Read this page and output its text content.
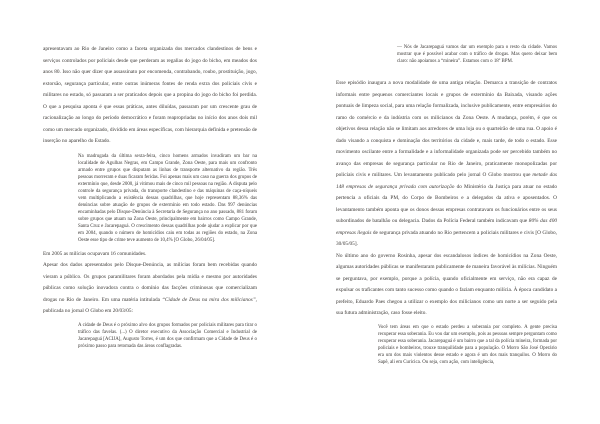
apresentavam ao Rio de Janeiro como a faceta organizada dos mercados clandestinos de bens e serviços controlados por policiais desde que perderam as regalias do jogo do bicho, em meados dos anos 80. Isso não quer dizer que assassinato por encomenda, contrabando, roubo, prostituição, jogo, extorsão, segurança particular, entre outras inúmeras fontes de renda extra dos policiais civis e militares no estado, só passaram a ser praticados depois que a propina do jogo do bicho foi perdida. O que a pesquisa aponta é que essas práticas, antes diluídas, passaram por um crescente grau de racionalização ao longo do período democrático e foram reapropriadas no início dos anos dois mil como um mercado organizado, dividido em áreas específicas, com hierarquia definida e pretensão de inserção no aparelho do Estado.
Na madrugada da última sexta-feira, cinco homens armados invadiram um bar na localidade de Agulhas Negras, em Campo Grande, Zona Oeste, para mais um confronto armado entre grupos que disputam as linhas de transporte alternativo da região. Três pessoas morreram e duas ficaram feridas. Foi apenas mais um caso na guerra dos grupos de extermínio que, desde 2000, já vitimou mais de cinco mil pessoas na região. A disputa pelo controle da segurança privada, do transporte clandestino e das máquinas de caça-níqueis vem multiplicando a existência dessas quadrilhas, que hoje representam 88,36% das denúncias sobre atuação de grupos de extermínio em todo estado. Das 997 denúncias encaminhadas pelo Disque-Denúncia à Secretaria de Segurança no ano passado, 881 foram sobre grupos que atuam na Zona Oeste, principalmente em bairros como Campo Grande, Santa Cruz e Jacarepaguá. O crescimento dessas quadrilhas pode ajudar a explicar por que em 2004, quando o número de homicídios caiu em todas as regiões do estado, na Zona Oeste esse tipo de crime teve aumento de 10,4% [O Globo, 26/04/05].
Em 2005 as milícias ocupavam 16 comunidades.
Apesar dos dados apresentados pelo Disque-Denúncia, as milícias foram bem recebidas quando vieram a público. Os grupos paramilitares foram abordados pela mídia e mesmo por autoridades públicas como solução inovadora contra o domínio das facções criminosas que comercializam drogas no Rio de Janeiro. Em uma matéria intitulada “Cidade de Deus na mira dos milicianos”, publicada no jornal O Globo em 20/03/05:
A cidade de Deus é o próximo alvo dos grupos formados por policiais militares para tirar o tráfico das favelas. (...) O diretor executivo da Associação Comercial e Industrial de Jacarepaguá [ACIJA], Augusto Torres, é um dos que confirmam que a Cidade de Deus é o próximo passo para retomada das áreas conflagradas.
— Nós de Jacarepaguá vamos dar um exemplo para o resto da cidade. Vamos mostrar que é possível acabar com o tráfico de drogas. Mas quero deixar bem claro: não apoiamos a “mineira”. Estamos com o 18º BPM.
Esse episódio inaugura a nova modalidade de uma antiga relação. Demarca a transição de contratos informais entre pequenos comerciantes locais e grupos de extermínio da Baixada, visando ações pontuais de limpeza social, para uma relação formalizada, inclusive publicamente, entre empresários do ramo do comércio e da indústria com os milicianos da Zona Oeste. A mudança, porém, é que os objetivos dessa relação não se limitam aos arredores de uma loja ou o quarteirão de uma rua. O apoio é dado visando a conquista e dominação dos territórios da cidade e, mais tarde, de todo o estado. Esse movimento oscilante entre a formalidade e a informalidade organizada pode ser percebido também no avanço das empresas de segurança particular no Rio de Janeiro, praticamente monopolizadas por policiais civis e militares. Um levantamento publicado pelo jornal O Globo mostrou que metade das 148 empresas de segurança privada com autorização do Ministério da Justiça para atuar no estado pertencia a oficiais da PM, do Corpo de Bombeiros e a delegados da ativa e aposentados. O levantamento também aponta que os donos dessas empresas contratavam os funcionários entre os seus subordinados de batalhão ou delegacia. Dados da Polícia Federal também indicavam que 80% das 400 empresas ilegais de segurança privada atuando no Rio pertencem a policiais militares e civis [O Globo, 30/05/05].
No último ano do governo Rosinha, apesar dos escandalosos índices de homicídios na Zona Oeste, algumas autoridades públicas se manifestaram publicamente de maneira favorável às milícias. Ninguém se perguntava, por exemplo, porque a polícia, quando oficialmente em serviço, não era capaz de expulsar os traficantes com tanto sucesso como quando o faziam enquanto milícia. À época candidato a prefeito, Eduardo Paes chegou a utilizar o exemplo dos milicianos como um norte a ser seguido pela sua futura administração, caso fosse eleito.
Você tem áreas em que o estado perdeu a soberania por completo. A gente precisa recuperar essa soberania. Eu vou dar um exemplo, pois as pessoas sempre perguntam como recuperar essa soberania. Jacarepaguá é um bairro que a tal da polícia mineira, formada por policiais e bombeiros, trouxe tranquilidade para a população. O Morro São José Operário era um dos mais violentos desse estado e agora é um dos mais tranquilos. O Morro do Sapê, ali em Curicica. Ou seja, com ação, com inteligência,
